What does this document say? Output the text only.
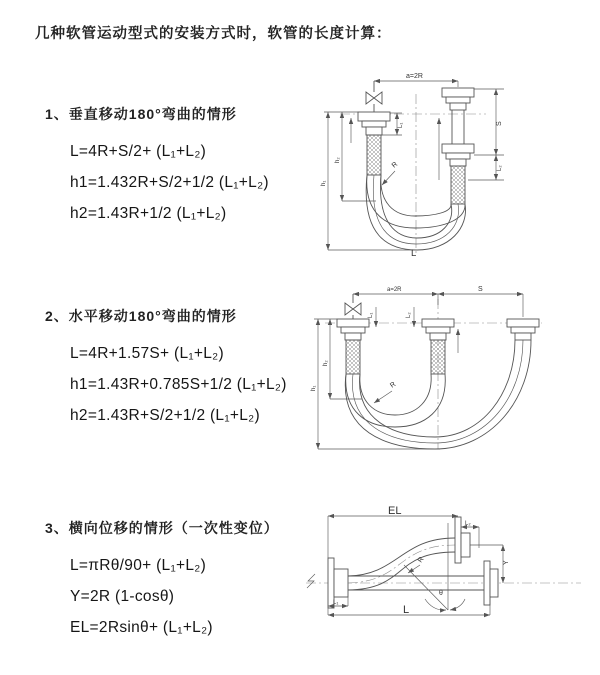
几种软管运动型式的安装方式时，软管的长度计算：
1、垂直移动180°弯曲的情形
L=4R+S/2+ (L₁+L₂)
h1=1.432R+S/2+1/2 (L₁+L₂)
h2=1.43R+1/2 (L₁+L₂)
2、水平移动180°弯曲的情形
L=4R+1.57S+ (L₁+L₂)
h1=1.43R+0.785S+1/2 (L₁+L₂)
h2=1.43R+S/2+1/2 (L₁+L₂)
3、横向位移的情形（一次性变位）
L=πRθ/90+ (L₁+L₂)
Y=2R (1-cosθ)
EL=2Rsinθ+ (L₁+L₂)
a=2R
L₁	S
L₂
h₁
h₂
R
L
a=2R	S
L₁	L₂
h₁
h₂
R
EL
L₂
Y
θ
R
L
L₁
